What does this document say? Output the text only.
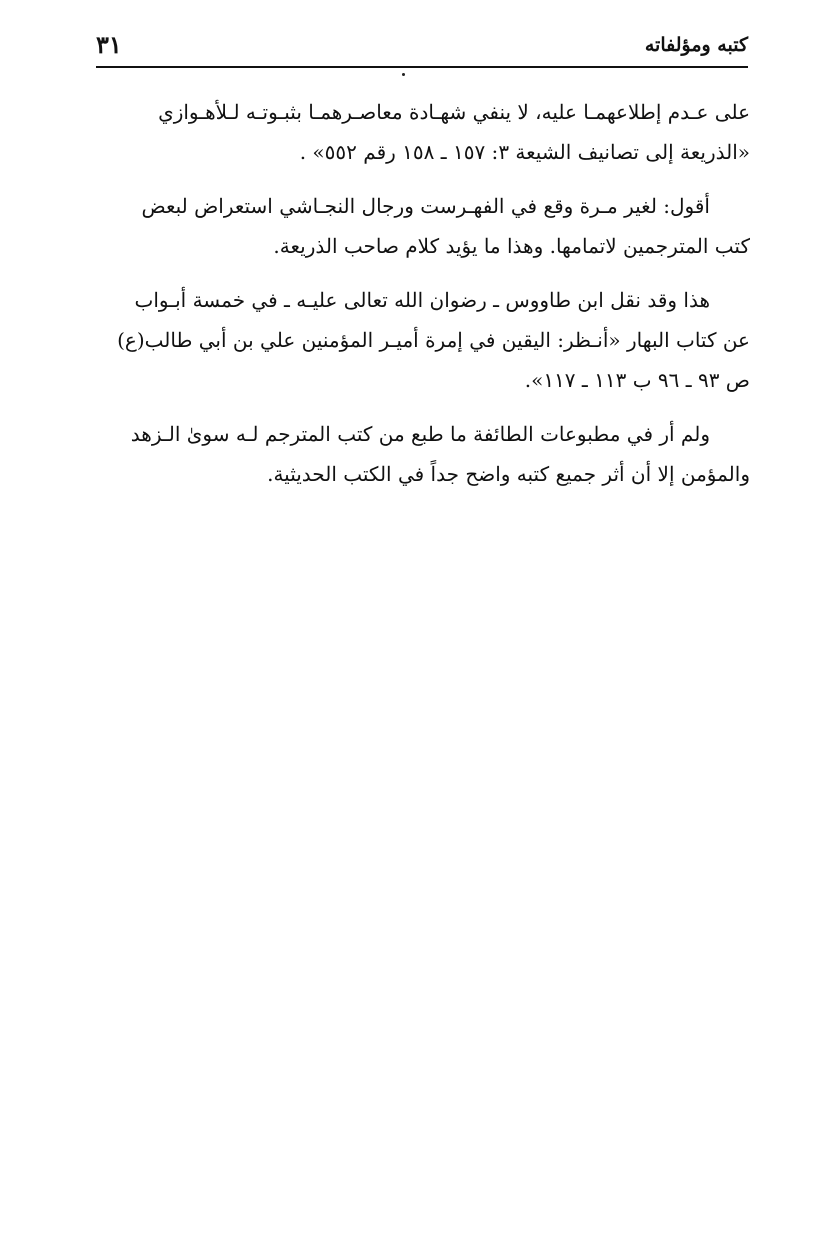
كتبه ومؤلفاته
٣١

على عـدم إطلاعهمـا عليه، لا ينفي شهـادة معاصـرهمـا بثبـوتـه لـلأهـوازي
«الذريعة إلى تصانيف الشيعة ٣: ١٥٧ ـ ١٥٨ رقم ٥٥٢» .

أقول: لغير مـرة وقع في الفهـرست ورجال النجـاشي استعراض لبعض
كتب المترجمين لاتمامها. وهذا ما يؤيد كلام صاحب الذريعة.

هذا وقد نقل ابن طاووس ـ رضوان الله تعالى عليـه ـ في خمسة أبـواب
عن كتاب البهار «أنـظر: اليقين في إمرة أميـر المؤمنين علي بن أبي طالب(ع)
ص ٩٣ ـ ٩٦ ب ١١٣ ـ ١١٧».

ولم أر في مطبوعات الطائفة ما طبع من كتب المترجم لـه سوىٰ الـزهد
والمؤمن إلا أن أثر جميع كتبه واضح جداً في الكتب الحديثية.
